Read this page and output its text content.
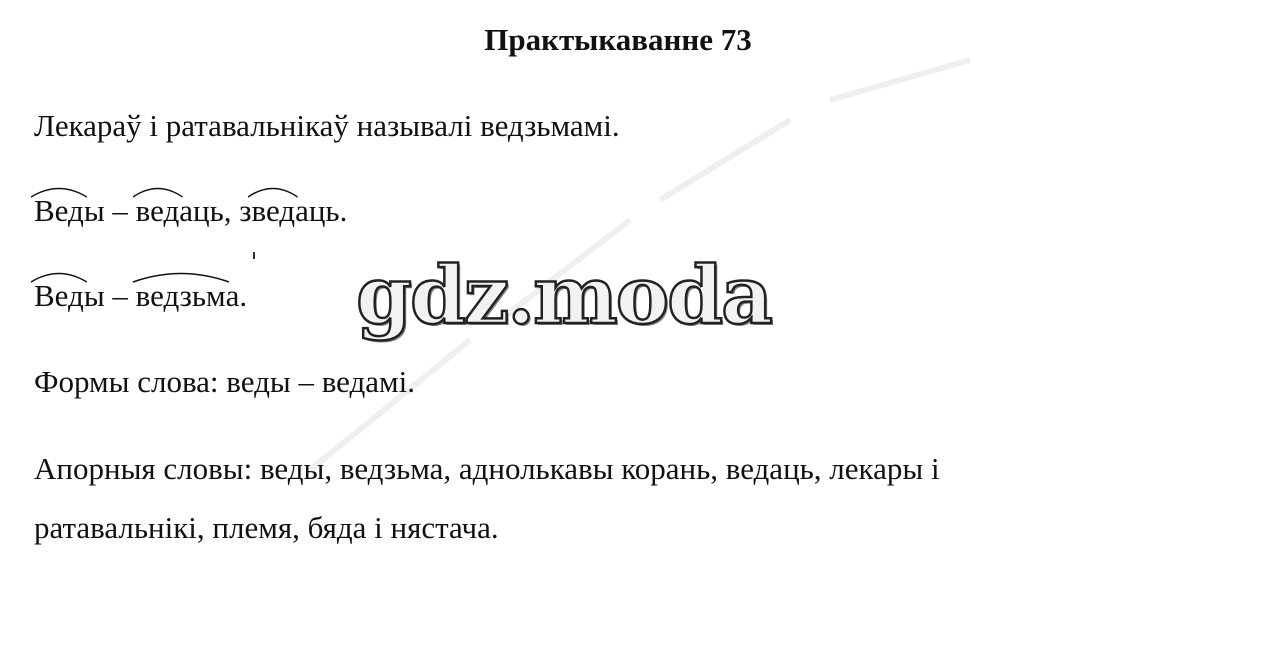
Практыкаванне 73
Лекараў і ратавальнікаў называлі ведзьмамі.
Веды –
ведаць, з
ведаць.
Веды –
ведзьма. gdz.moda
Формы слова: веды – ведамі.
Апорныя словы: веды, ведзьма, аднолькавы корань, ведаць, лекары і
ратавальнікі, племя, бяда і нястача.
